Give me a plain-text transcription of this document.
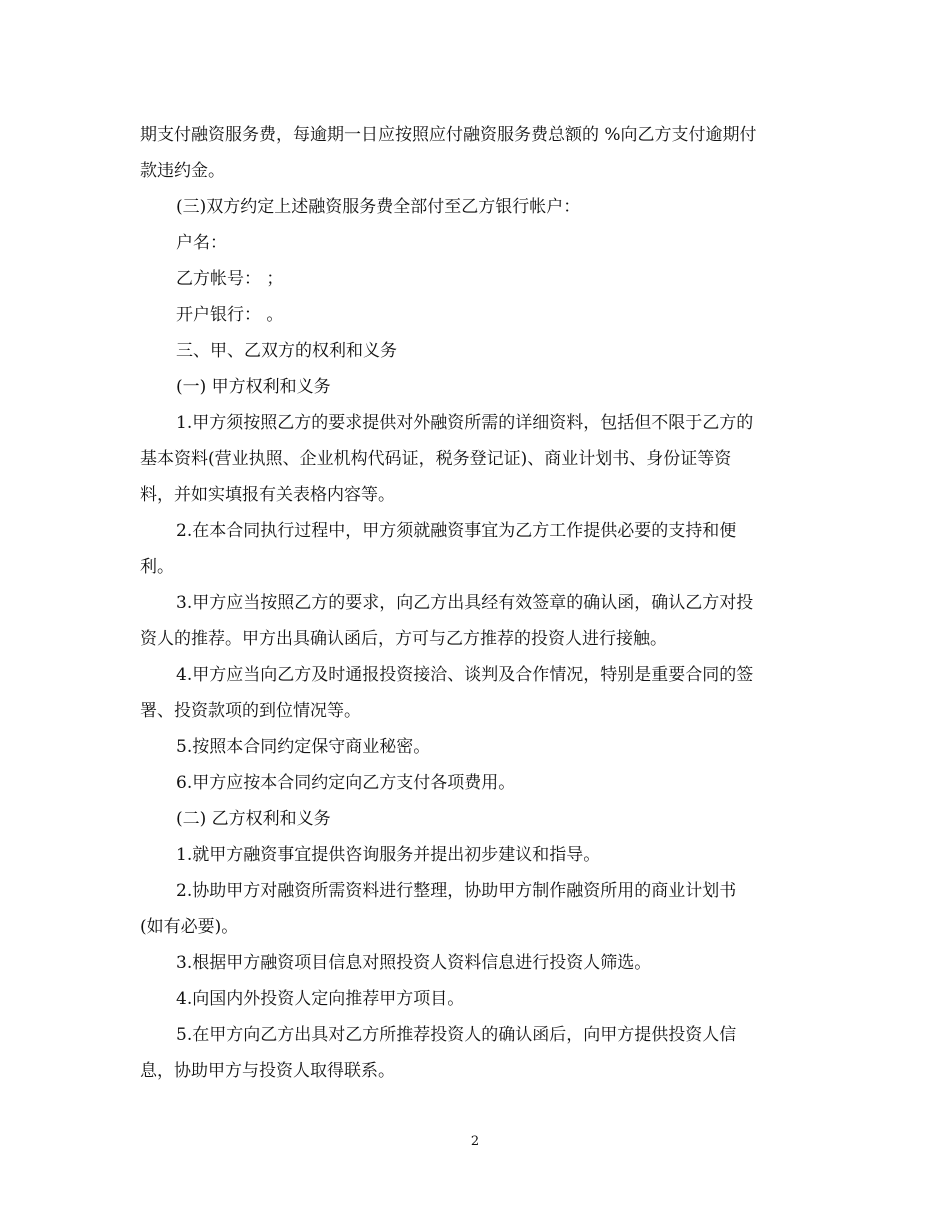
期支付融资服务费，每逾期一日应按照应付融资服务费总额的 %向乙方支付逾期付
款违约金。
(三)双方约定上述融资服务费全部付至乙方银行帐户：
户名：
乙方帐号： ；
开户银行： 。
三、甲、乙双方的权利和义务
(一) 甲方权利和义务
1.甲方须按照乙方的要求提供对外融资所需的详细资料，包括但不限于乙方的
基本资料(营业执照、企业机构代码证，税务登记证)、商业计划书、身份证等资
料，并如实填报有关表格内容等。
2.在本合同执行过程中，甲方须就融资事宜为乙方工作提供必要的支持和便
利。
3.甲方应当按照乙方的要求，向乙方出具经有效签章的确认函，确认乙方对投
资人的推荐。甲方出具确认函后，方可与乙方推荐的投资人进行接触。
4.甲方应当向乙方及时通报投资接洽、谈判及合作情况，特别是重要合同的签
署、投资款项的到位情况等。
5.按照本合同约定保守商业秘密。
6.甲方应按本合同约定向乙方支付各项费用。
(二) 乙方权利和义务
1.就甲方融资事宜提供咨询服务并提出初步建议和指导。
2.协助甲方对融资所需资料进行整理，协助甲方制作融资所用的商业计划书
(如有必要)。
3.根据甲方融资项目信息对照投资人资料信息进行投资人筛选。
4.向国内外投资人定向推荐甲方项目。
5.在甲方向乙方出具对乙方所推荐投资人的确认函后，向甲方提供投资人信
息，协助甲方与投资人取得联系。
2
